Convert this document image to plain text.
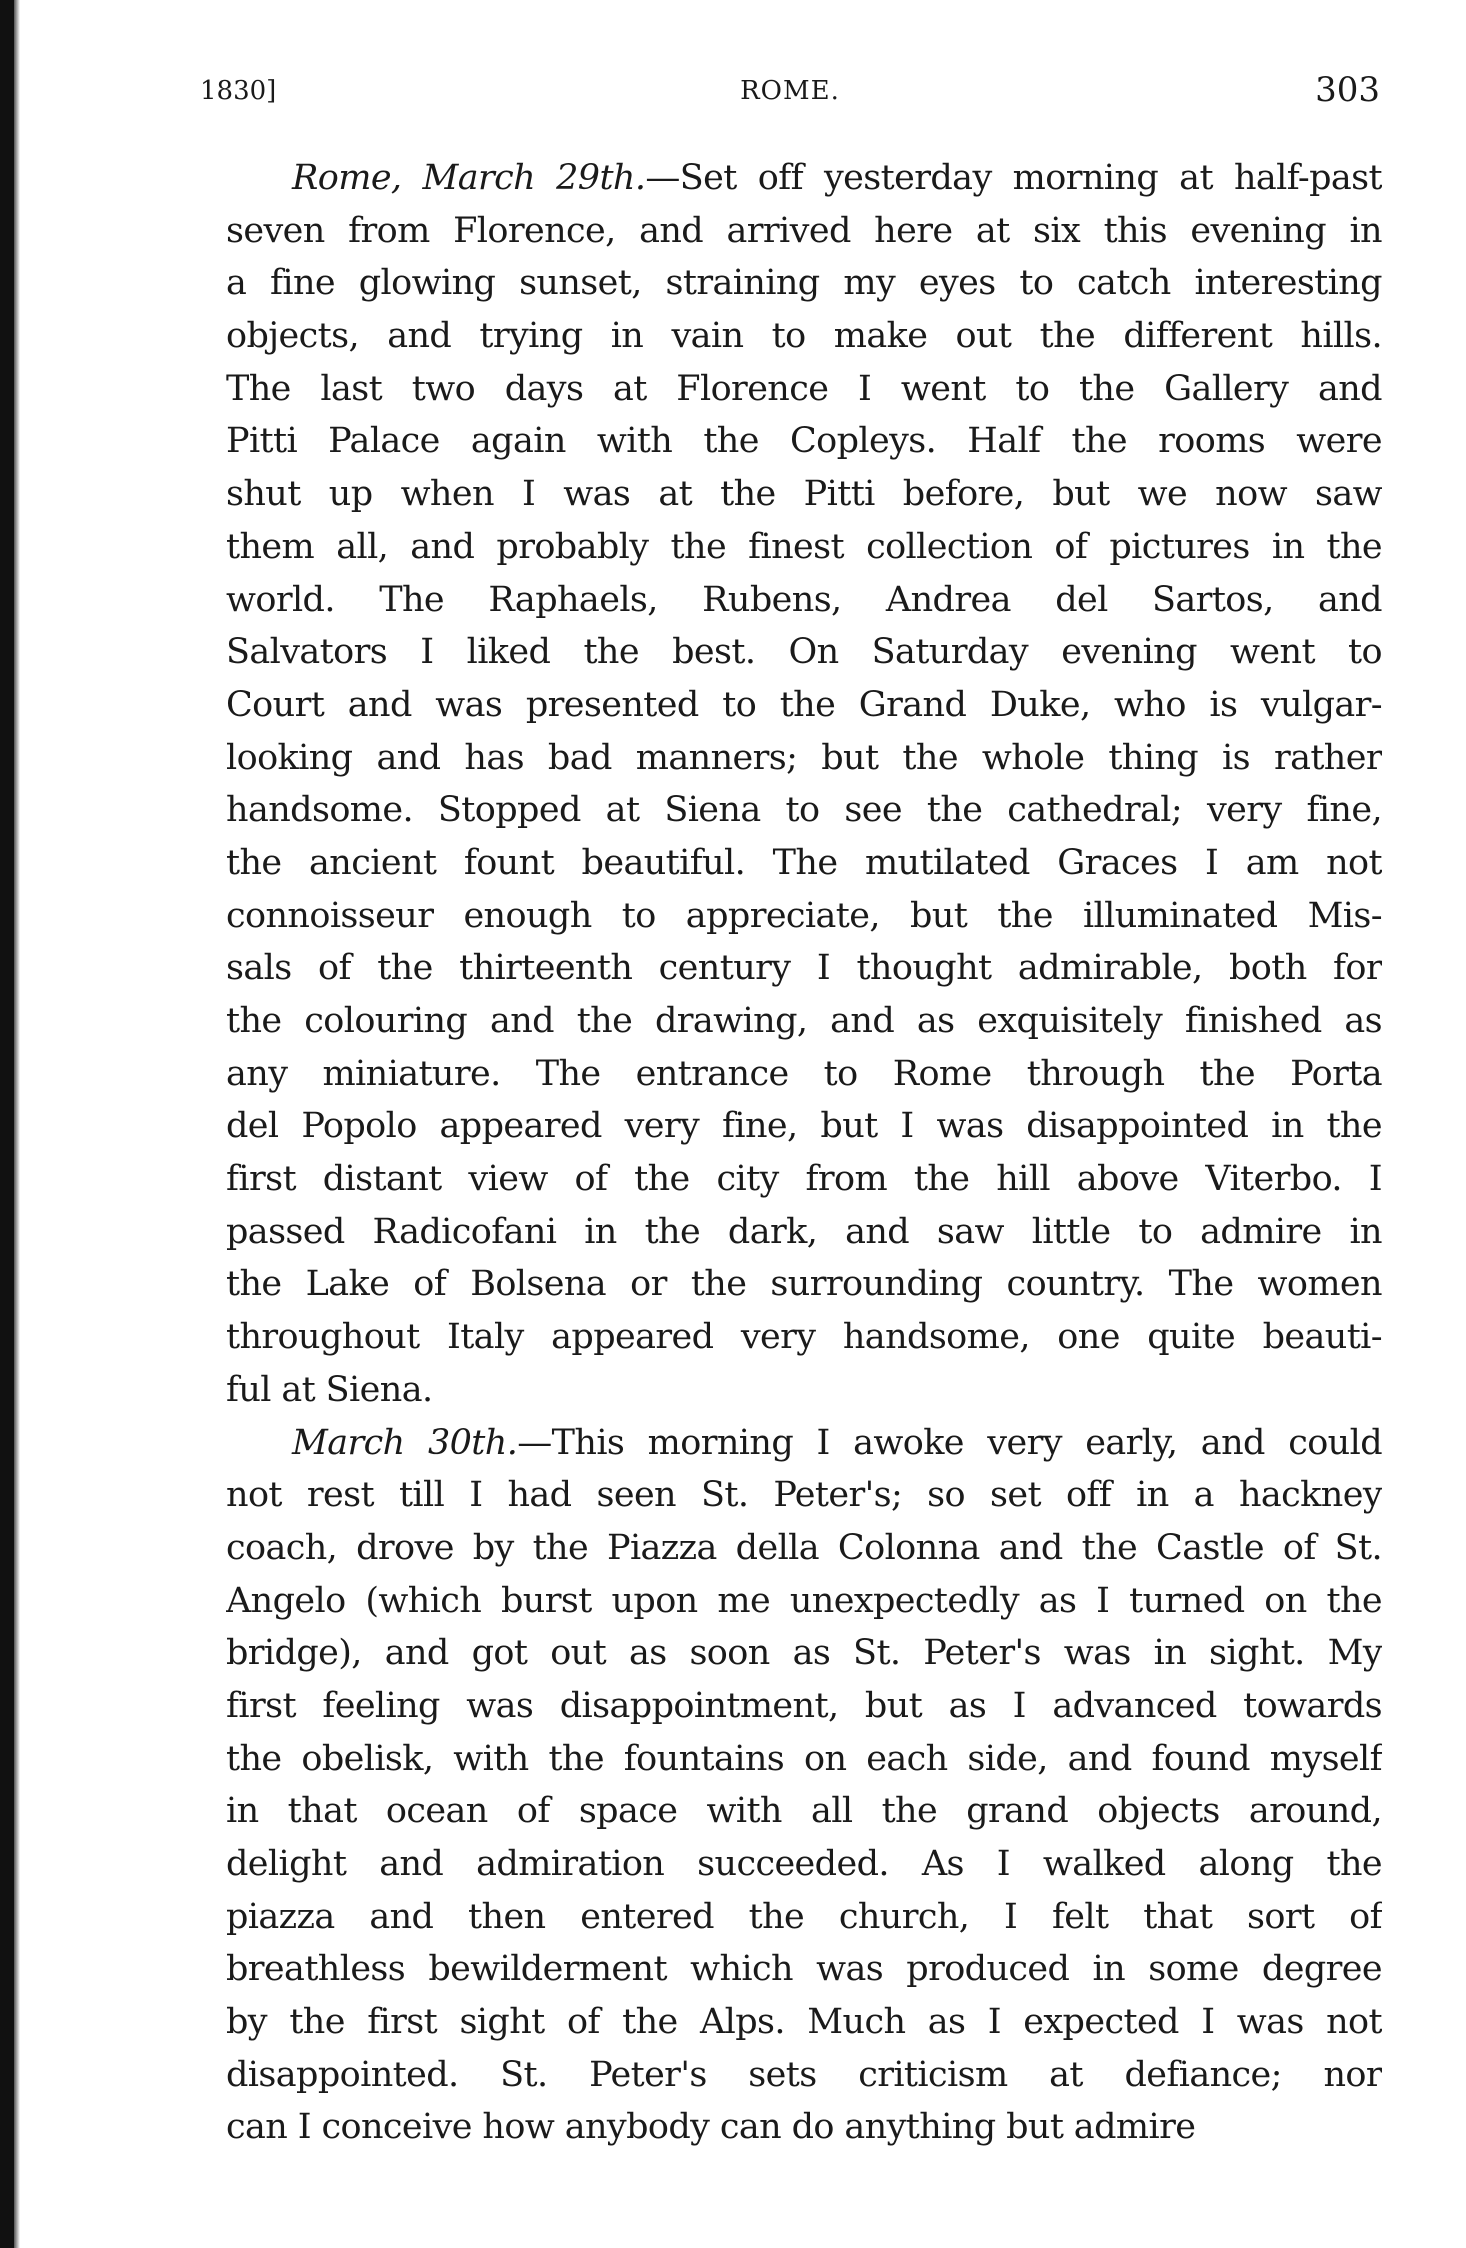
ROME.
1830]	303
Rome, March 29th.—Set off yesterday morning at half-past
seven from Florence, and arrived here at six this evening in
a fine glowing sunset, straining my eyes to catch interesting
objects, and trying in vain to make out the different hills.
The last two days at Florence I went to the Gallery and
Pitti Palace again with the Copleys. Half the rooms were
shut up when I was at the Pitti before, but we now saw
them all, and probably the finest collection of pictures in the
world. The Raphaels, Rubens, Andrea del Sartos, and
Salvators I liked the best. On Saturday evening went to
Court and was presented to the Grand Duke, who is vulgar-
looking and has bad manners; but the whole thing is rather
handsome. Stopped at Siena to see the cathedral; very fine,
the ancient fount beautiful. The mutilated Graces I am not
connoisseur enough to appreciate, but the illuminated Mis-
sals of the thirteenth century I thought admirable, both for
the colouring and the drawing, and as exquisitely finished as
any miniature. The entrance to Rome through the Porta
del Popolo appeared very fine, but I was disappointed in the
first distant view of the city from the hill above Viterbo. I
passed Radicofani in the dark, and saw little to admire in
the Lake of Bolsena or the surrounding country. The women
throughout Italy appeared very handsome, one quite beauti-
ful at Siena.
March 30th.—This morning I awoke very early, and could
not rest till I had seen St. Peter's; so set off in a hackney
coach, drove by the Piazza della Colonna and the Castle of St.
Angelo (which burst upon me unexpectedly as I turned on the
bridge), and got out as soon as St. Peter's was in sight. My
first feeling was disappointment, but as I advanced towards
the obelisk, with the fountains on each side, and found myself
in that ocean of space with all the grand objects around,
delight and admiration succeeded. As I walked along the
piazza and then entered the church, I felt that sort of
breathless bewilderment which was produced in some degree
by the first sight of the Alps. Much as I expected I was not
disappointed. St. Peter's sets criticism at defiance; nor
can I conceive how anybody can do anything but admire
